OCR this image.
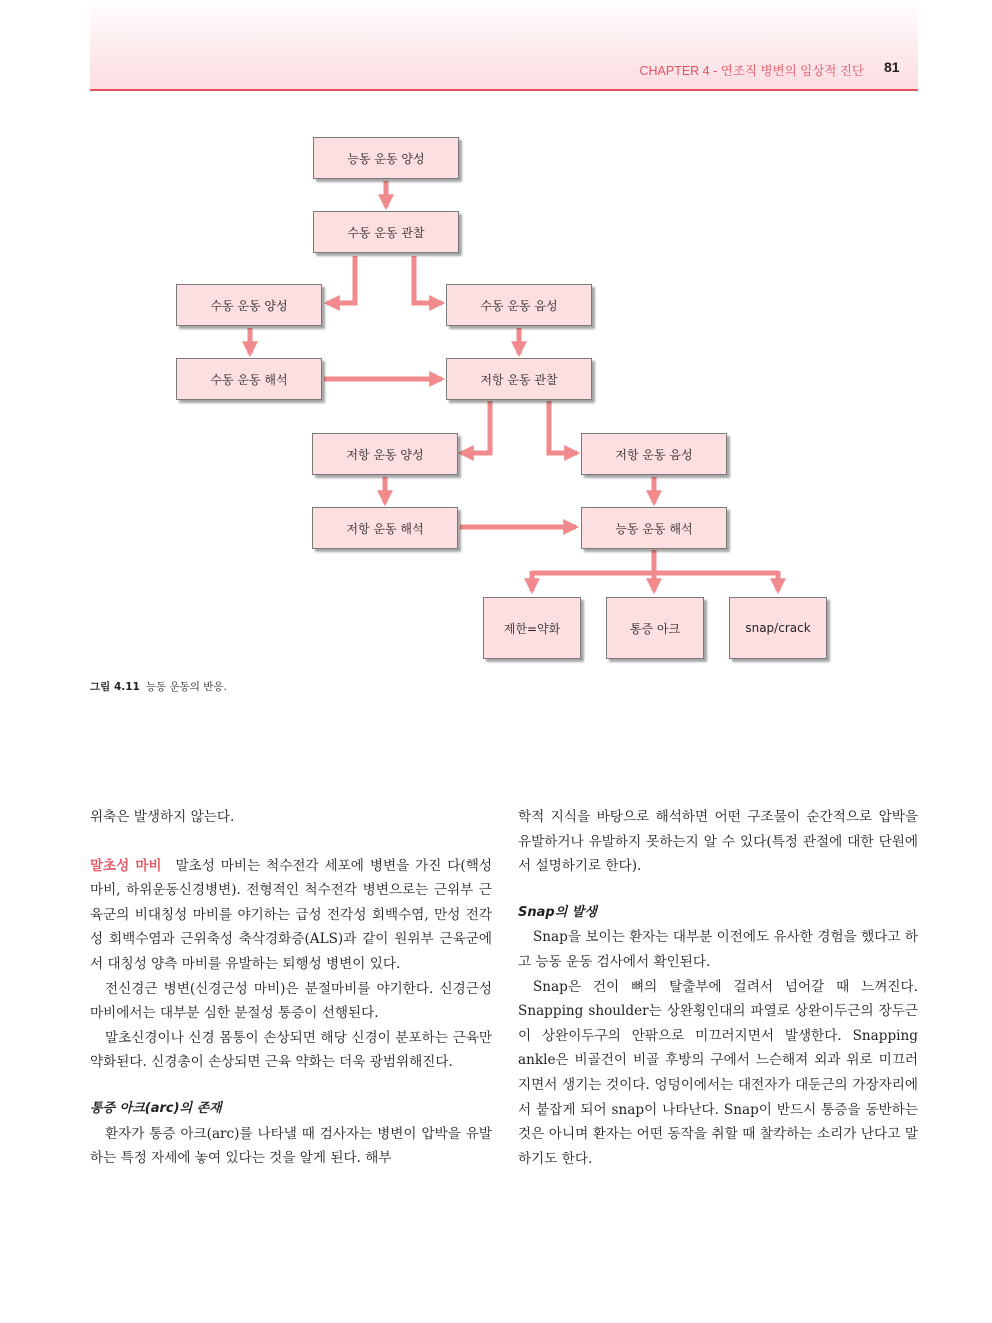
CHAPTER 4 - 연조직 병변의 임상적 진단 81
능동 운동 양성
수동 운동 관찰
수동 운동 양성	수동 운동 음성
수동 운동 해석	저항 운동 관찰
저항 운동 양성	저항 운동 음성
저항 운동 해석	능동 운동 해석
제한=약화	통증 아크	snap/crack
그림 4.11 능동 운동의 반응.

위축은 발생하지 않는다.

말초성 마비 말초성 마비는 척수전각 세포에 병변을 가진 다(핵성마비, 하위운동신경병변). 전형적인 척수전각 병변으로는 근위부 근육군의 비대칭성 마비를 야기하는 급성 전각성 회백수염, 만성 전각성 회백수염과 근위축성 축삭경화증(ALS)과 같이 원위부 근육군에서 대칭성 양측 마비를 유발하는 퇴행성 병변이 있다.

전신경근 병변(신경근성 마비)은 분절마비를 야기한다. 신경근성 마비에서는 대부분 심한 분절성 통증이 선행된다.

말초신경이나 신경 몸통이 손상되면 해당 신경이 분포하는 근육만 약화된다. 신경총이 손상되면 근육 약화는 더욱 광범위해진다.

통증 아크(arc)의 존재

환자가 통증 아크(arc)를 나타낼 때 검사자는 병변이 압박을 유발하는 특정 자세에 놓여 있다는 것을 알게 된다. 해부

학적 지식을 바탕으로 해석하면 어떤 구조물이 순간적으로 압박을 유발하거나 유발하지 못하는지 알 수 있다(특정 관절에 대한 단원에서 설명하기로 한다).

Snap의 발생

Snap을 보이는 환자는 대부분 이전에도 유사한 경험을 했다고 하고 능동 운동 검사에서 확인된다.

Snap은 건이 뼈의 탈출부에 걸려서 넘어갈 때 느껴진다. Snapping shoulder는 상완횡인대의 파열로 상완이두근의 장두근이 상완이두구의 안팎으로 미끄러지면서 발생한다. Snapping ankle은 비골건이 비골 후방의 구에서 느슨해져 외과 위로 미끄러지면서 생기는 것이다. 엉덩이에서는 대전자가 대둔근의 가장자리에서 붙잡게 되어 snap이 나타난다. Snap이 반드시 통증을 동반하는 것은 아니며 환자는 어떤 동작을 취할 때 찰칵하는 소리가 난다고 말하기도 한다.
